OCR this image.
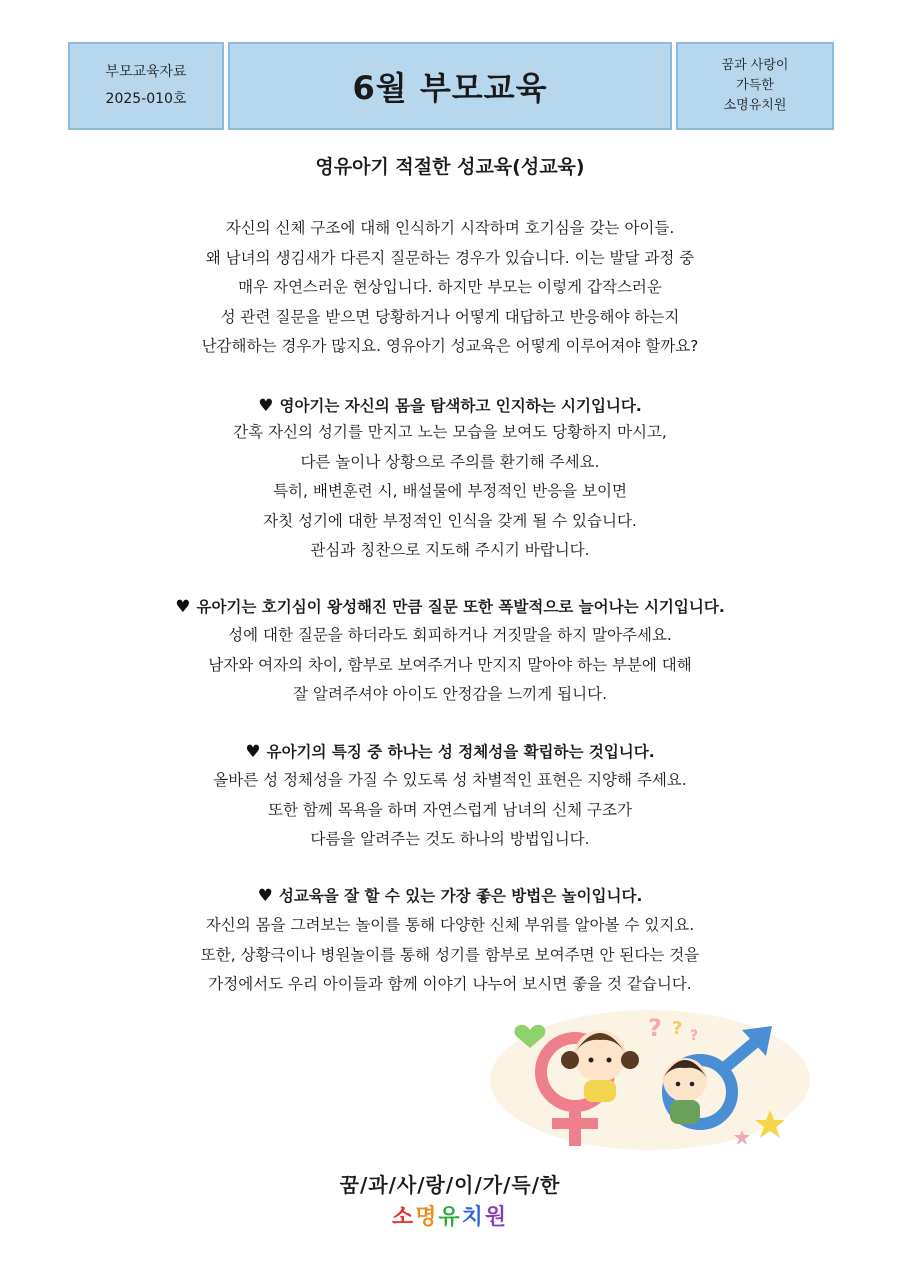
부모교육자료
2025-010호	6월 부모교육
꿈과 사랑이
가득한
소명유치원
영유아기 적절한 성교육(성교육)
자신의 신체 구조에 대해 인식하기 시작하며 호기심을 갖는 아이들.
왜 남녀의 생김새가 다른지 질문하는 경우가 있습니다. 이는 발달 과정 중
매우 자연스러운 현상입니다. 하지만 부모는 이렇게 갑작스러운
성 관련 질문을 받으면 당황하거나 어떻게 대답하고 반응해야 하는지
난감해하는 경우가 많지요. 영유아기 성교육은 어떻게 이루어져야 할까요?
♥ 영아기는 자신의 몸을 탐색하고 인지하는 시기입니다.
간혹 자신의 성기를 만지고 노는 모습을 보여도 당황하지 마시고,
다른 놀이나 상황으로 주의를 환기해 주세요.
특히, 배변훈련 시, 배설물에 부정적인 반응을 보이면
자칫 성기에 대한 부정적인 인식을 갖게 될 수 있습니다.
관심과 칭찬으로 지도해 주시기 바랍니다.
♥ 유아기는 호기심이 왕성해진 만큼 질문 또한 폭발적으로 늘어나는 시기입니다.
성에 대한 질문을 하더라도 회피하거나 거짓말을 하지 말아주세요.
남자와 여자의 차이, 함부로 보여주거나 만지지 말아야 하는 부분에 대해
잘 알려주셔야 아이도 안정감을 느끼게 됩니다.
♥ 유아기의 특징 중 하나는 성 정체성을 확립하는 것입니다.
올바른 성 정체성을 가질 수 있도록 성 차별적인 표현은 지양해 주세요.
또한 함께 목욕을 하며 자연스럽게 남녀의 신체 구조가
다름을 알려주는 것도 하나의 방법입니다.
♥ 성교육을 잘 할 수 있는 가장 좋은 방법은 놀이입니다.
자신의 몸을 그려보는 놀이를 통해 다양한 신체 부위를 알아볼 수 있지요.
또한, 상황극이나 병원놀이를 통해 성기를 함부로 보여주면 안 된다는 것을
가정에서도 우리 아이들과 함께 이야기 나누어 보시면 좋을 것 같습니다.
? ? ?
꿈/과/사/랑/이/가/득/한
소명유치원
